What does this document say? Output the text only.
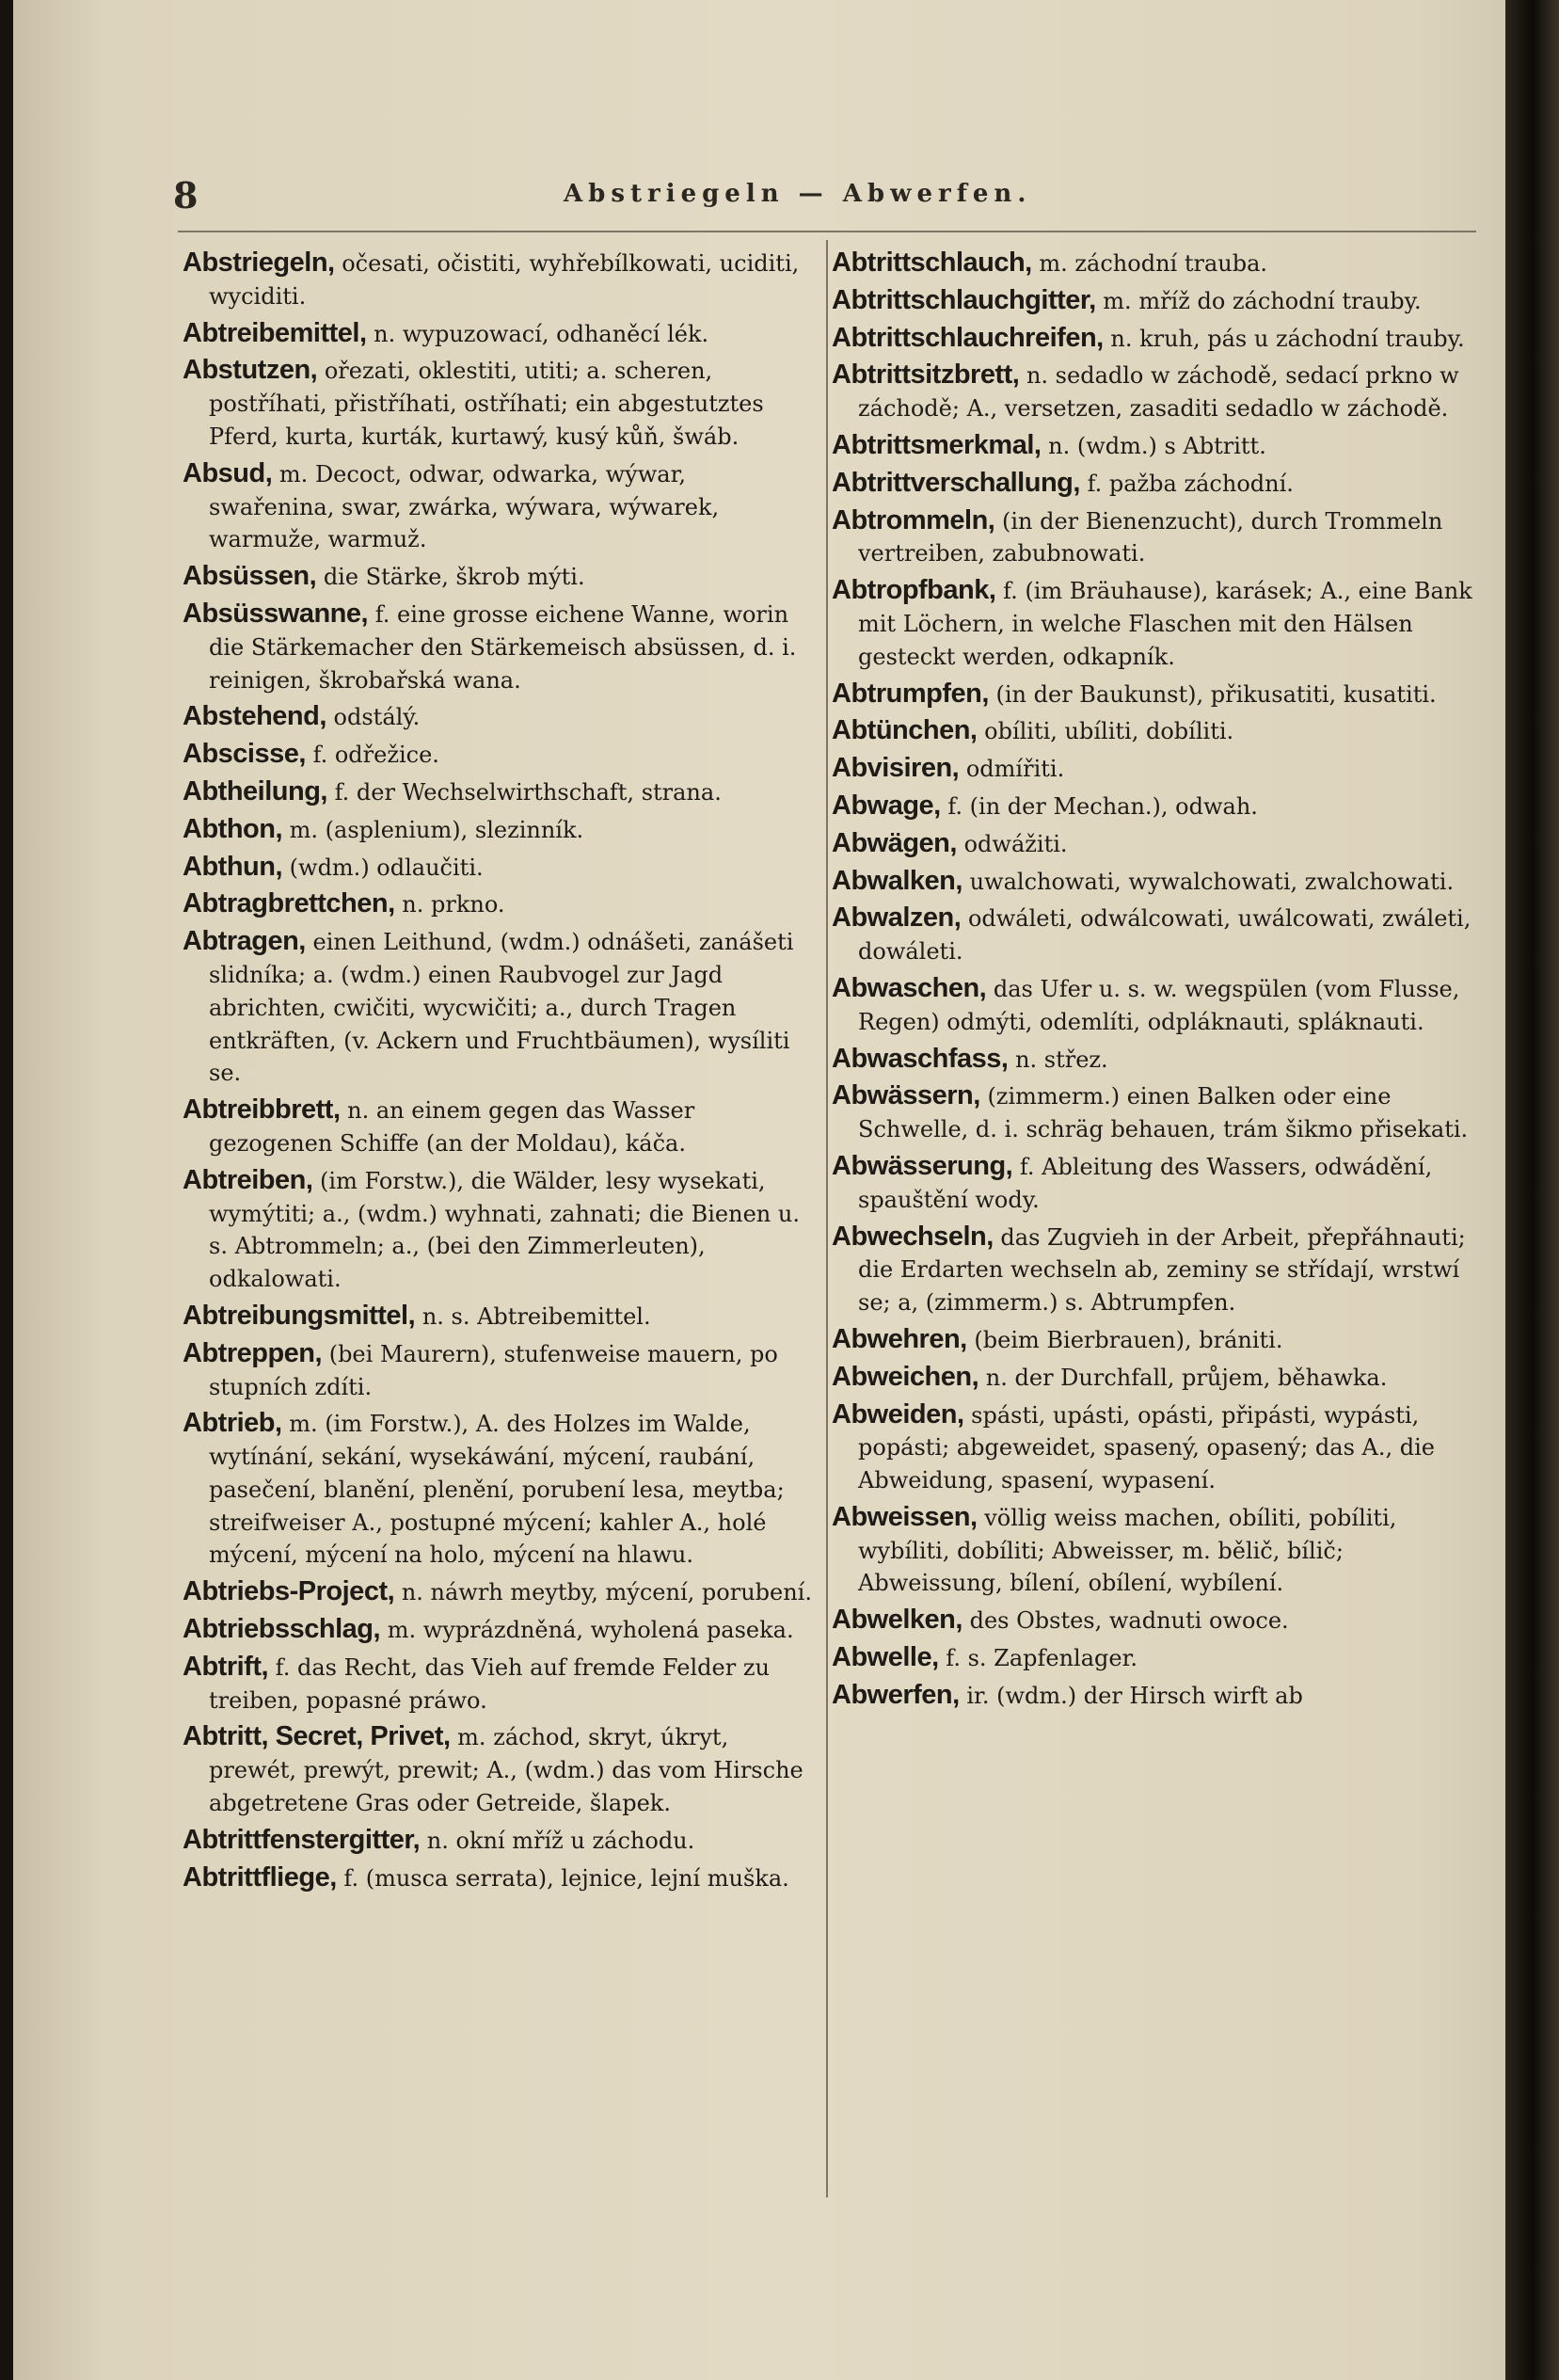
8	Abstriegeln — Abwerfen.

Abstriegeln, očesati, očistiti, wyhřebílkowati, uciditi, wyciditi.

Abtreibemittel, n. wypuzowací, odhaněcí lék.

Abstutzen, ořezati, oklestiti, utiti; a. scheren, postříhati, přistříhati, ostříhati; ein abgestutztes Pferd, kurta, kurták, kurtawý, kusý kůň, šwáb.

Absud, m. Decoct, odwar, odwarka, wýwar, swařenina, swar, zwárka, wýwara, wýwarek, warmuže, warmuž.

Absüssen, die Stärke, škrob mýti.

Absüsswanne, f. eine grosse eichene Wanne, worin die Stärkemacher den Stärkemeisch absüssen, d. i. reinigen, škrobařská wana.

Abstehend, odstálý.

Abscisse, f. odřežice.

Abtheilung, f. der Wechselwirthschaft, strana.

Abthon, m. (asplenium), slezinník.

Abthun, (wdm.) odlaučiti.

Abtragbrettchen, n. prkno.

Abtragen, einen Leithund, (wdm.) odnášeti, zanášeti slidníka; a. (wdm.) einen Raubvogel zur Jagd abrichten, cwičiti, wycwičiti; a., durch Tragen entkräften, (v. Ackern und Fruchtbäumen), wysíliti se.

Abtreibbrett, n. an einem gegen das Wasser gezogenen Schiffe (an der Moldau), káča.

Abtreiben, (im Forstw.), die Wälder, lesy wysekati, wymýtiti; a., (wdm.) wyhnati, zahnati; die Bienen u. s. Abtrommeln; a., (bei den Zimmerleuten), odkalowati.

Abtreibungsmittel, n. s. Abtreibemittel.

Abtreppen, (bei Maurern), stufenweise mauern, po stupních zdíti.

Abtrieb, m. (im Forstw.), A. des Holzes im Walde, wytínání, sekání, wysekáwání, mýcení, raubání, pasečení, blanění, plenění, porubení lesa, meytba; streifweiser A., postupné mýcení; kahler A., holé mýcení, mýcení na holo, mýcení na hlawu.

Abtriebs-Project, n. náwrh meytby, mýcení, porubení.

Abtriebsschlag, m. wyprázdněná, wyholená paseka.

Abtrift, f. das Recht, das Vieh auf fremde Felder zu treiben, popasné práwo.

Abtritt, Secret, Privet, m. záchod, skryt, úkryt, prewét, prewýt, prewit; A., (wdm.) das vom Hirsche abgetretene Gras oder Getreide, šlapek.

Abtrittfenstergitter, n. okní mříž u záchodu.

Abtrittfliege, f. (musca serrata), lejnice, lejní muška.

Abtrittschlauch, m. záchodní trauba.

Abtrittschlauchgitter, m. mříž do záchodní trauby.

Abtrittschlauchreifen, n. kruh, pás u záchodní trauby.

Abtrittsitzbrett, n. sedadlo w záchodě, sedací prkno w záchodě; A., versetzen, zasaditi sedadlo w záchodě.

Abtrittsmerkmal, n. (wdm.) s Abtritt.

Abtrittverschallung, f. pažba záchodní.

Abtrommeln, (in der Bienenzucht), durch Trommeln vertreiben, zabubnowati.

Abtropfbank, f. (im Bräuhause), karásek; A., eine Bank mit Löchern, in welche Flaschen mit den Hälsen gesteckt werden, odkapník.

Abtrumpfen, (in der Baukunst), přikusatiti, kusatiti.

Abtünchen, obíliti, ubíliti, dobíliti.

Abvisiren, odmířiti.

Abwage, f. (in der Mechan.), odwah.

Abwägen, odwážiti.

Abwalken, uwalchowati, wywalchowati, zwalchowati.

Abwalzen, odwáleti, odwálcowati, uwálcowati, zwáleti, dowáleti.

Abwaschen, das Ufer u. s. w. wegspülen (vom Flusse, Regen) odmýti, odemlíti, odpláknauti, spláknauti.

Abwaschfass, n. střez.

Abwässern, (zimmerm.) einen Balken oder eine Schwelle, d. i. schräg behauen, trám šikmo přisekati.

Abwässerung, f. Ableitung des Wassers, odwádění, spauštění wody.

Abwechseln, das Zugvieh in der Arbeit, přepřáhnauti; die Erdarten wechseln ab, zeminy se střídají, wrstwí se; a, (zimmerm.) s. Abtrumpfen.

Abwehren, (beim Bierbrauen), brániti.

Abweichen, n. der Durchfall, průjem, běhawka.

Abweiden, spásti, upásti, opásti, připásti, wypásti, popásti; abgeweidet, spasený, opasený; das A., die Abweidung, spasení, wypasení.

Abweissen, völlig weiss machen, obíliti, pobíliti, wybíliti, dobíliti; Abweisser, m. bělič, bílič; Abweissung, bílení, obílení, wybílení.

Abwelken, des Obstes, wadnuti owoce.

Abwelle, f. s. Zapfenlager.

Abwerfen, ir. (wdm.) der Hirsch wirft ab
